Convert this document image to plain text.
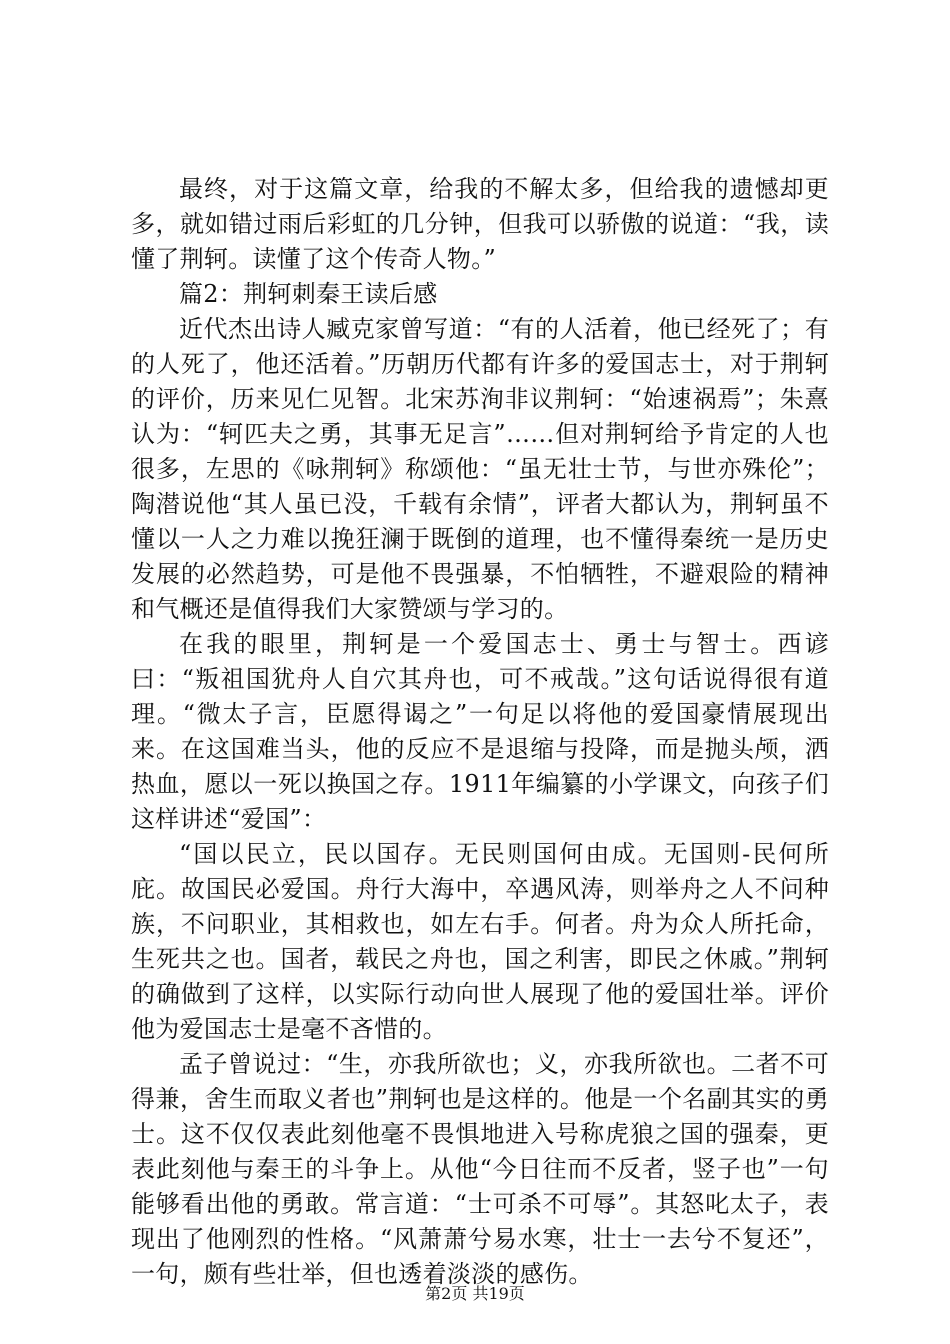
最终，对于这篇文章，给我的不解太多，但给我的遗憾却更多，就如错过雨后彩虹的几分钟，但我可以骄傲的说道：“我，读懂了荆轲。读懂了这个传奇人物。”

篇2：荆轲刺秦王读后感

近代杰出诗人臧克家曾写道：“有的人活着，他已经死了；有的人死了，他还活着。”历朝历代都有许多的爱国志士，对于荆轲的评价，历来见仁见智。北宋苏洵非议荆轲：“始速祸焉”；朱熹认为：“轲匹夫之勇，其事无足言”……但对荆轲给予肯定的人也很多，左思的《咏荆轲》称颂他：“虽无壮士节，与世亦殊伦”；陶潜说他“其人虽已没，千载有余情”，评者大都认为，荆轲虽不懂以一人之力难以挽狂澜于既倒的道理，也不懂得秦统一是历史发展的必然趋势，可是他不畏强暴，不怕牺牲，不避艰险的精神和气概还是值得我们大家赞颂与学习的。

在我的眼里，荆轲是一个爱国志士、勇士与智士。西谚曰：“叛祖国犹舟人自穴其舟也，可不戒哉。”这句话说得很有道理。“微太子言，臣愿得谒之”一句足以将他的爱国豪情展现出来。在这国难当头，他的反应不是退缩与投降，而是抛头颅，洒热血，愿以一死以换国之存。1911年编纂的小学课文，向孩子们这样讲述“爱国”：

“国以民立，民以国存。无民则国何由成。无国则-民何所庇。故国民必爱国。舟行大海中，卒遇风涛，则举舟之人不问种族，不问职业，其相救也，如左右手。何者。舟为众人所托命，生死共之也。国者，载民之舟也，国之利害，即民之休戚。”荆轲的确做到了这样，以实际行动向世人展现了他的爱国壮举。评价他为爱国志士是毫不吝惜的。

孟子曾说过：“生，亦我所欲也；义，亦我所欲也。二者不可得兼，舍生而取义者也”荆轲也是这样的。他是一个名副其实的勇士。这不仅仅表此刻他毫不畏惧地进入号称虎狼之国的强秦，更表此刻他与秦王的斗争上。从他“今日往而不反者，竖子也”一句能够看出他的勇敢。常言道：“士可杀不可辱”。其怒叱太子，表现出了他刚烈的性格。“风萧萧兮易水寒，壮士一去兮不复还”，一句，颇有些壮举，但也透着淡淡的感伤。

第2页 共19页
